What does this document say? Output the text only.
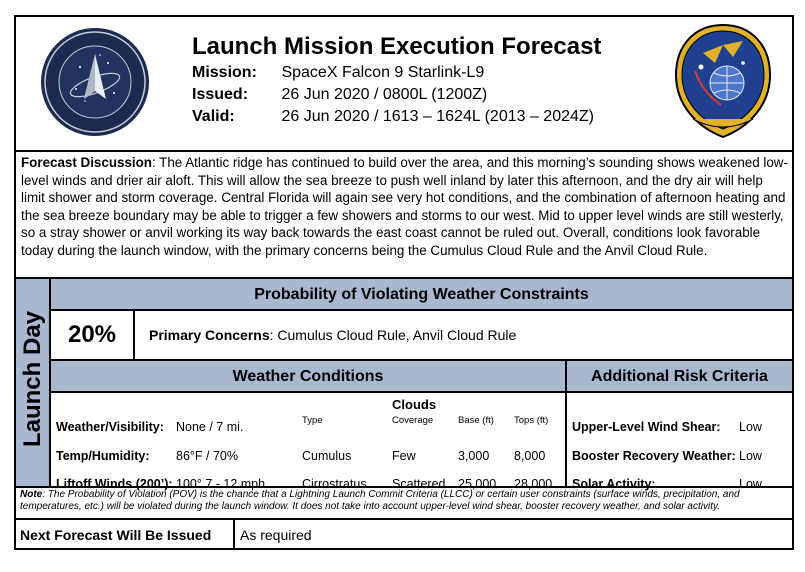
Launch Mission Execution Forecast
Mission: SpaceX Falcon 9 Starlink-L9
Issued: 26 Jun 2020 / 0800L (1200Z)
Valid:	26 Jun 2020 / 1613 – 1624L (2013 – 2024Z)
Forecast Discussion: The Atlantic ridge has continued to build over the area, and this morning’s sounding shows weakened low-level winds and drier air aloft. This will allow the sea breeze to push well inland by later this afternoon, and the dry air will help limit shower and storm coverage. Central Florida will again see very hot conditions, and the combination of afternoon heating and the sea breeze boundary may be able to trigger a few showers and storms to our west. Mid to upper level winds are still westerly, so a stray shower or anvil working its way back towards the east coast cannot be ruled out. Overall, conditions look favorable today during the launch window, with the primary concerns being the Cumulus Cloud Rule and the Anvil Cloud Rule.
Launch Day
Probability of Violating Weather Constraints
20%	Primary Concerns: Cumulus Cloud Rule, Anvil Cloud Rule
Weather Conditions	Additional Risk Criteria
Weather/Visibility: None / 7 mi.
Temp/Humidity: 86°F / 70%
Liftoff Winds (200’): 100° 7 - 12 mph
Clouds
Type	Coverage	Base (ft) Tops (ft)
Cumulus	Few	3,000 8,000
Cirrostratus Scattered 25,000 28,000
Upper-Level Wind Shear: Low
Booster Recovery Weather: Low
Solar Activity:	Low
Note: The Probability of Violation (POV) is the chance that a Lightning Launch Commit Criteria (LLCC) or certain user constraints (surface winds, precipitation, and temperatures, etc.) will be violated during the launch window. It does not take into account upper-level wind shear, booster recovery weather, and solar activity.
Next Forecast Will Be Issued As required
